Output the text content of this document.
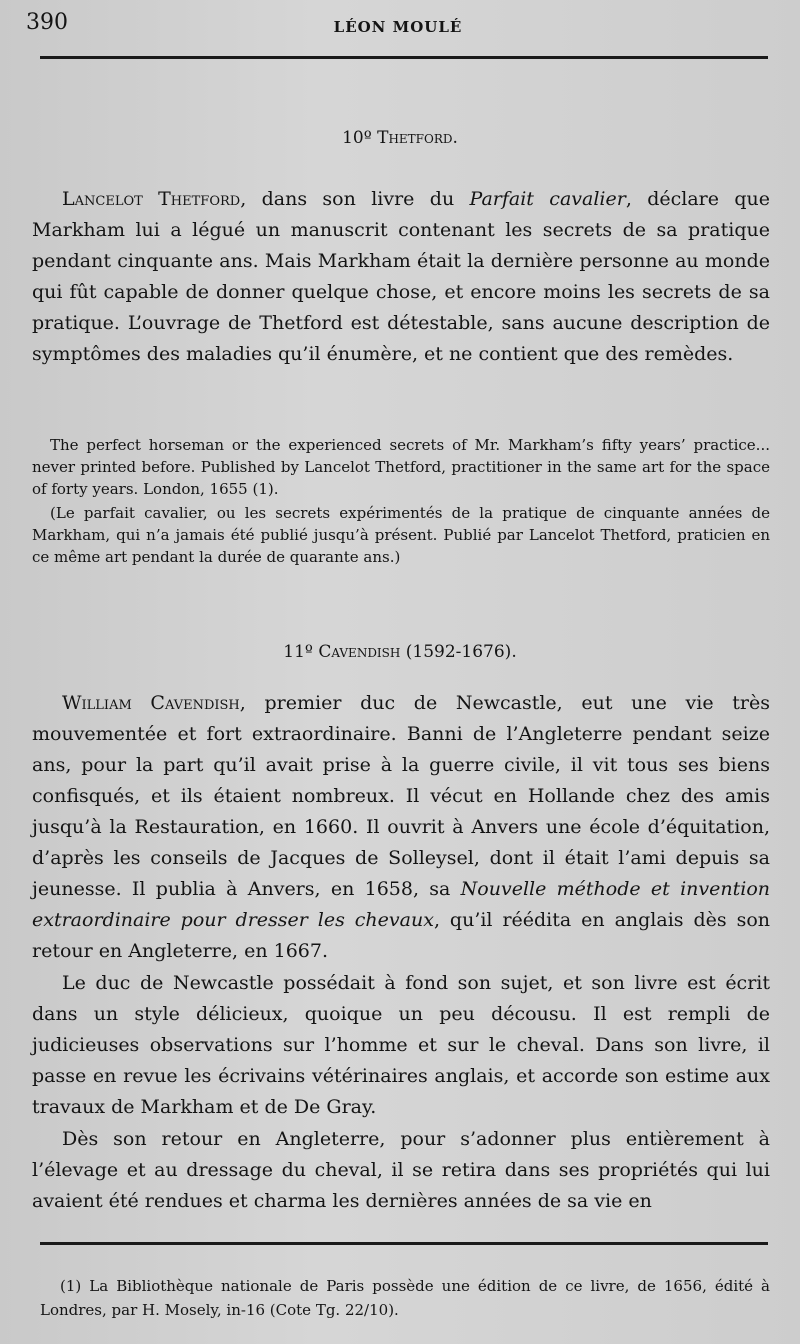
390	LÉON MOULÉ
10º Thetford.
Lancelot Thetford, dans son livre du Parfait cavalier, déclare que Markham lui a légué un manuscrit contenant les secrets de sa pratique pendant cinquante ans. Mais Markham était la dernière personne au monde qui fût capable de donner quelque chose, et encore moins les secrets de sa pratique. L’ouvrage de Thetford est détestable, sans aucune description de symptômes des maladies qu’il énumère, et ne contient que des remèdes.
The perfect horseman or the experienced secrets of Mr. Markham’s fifty years’ practice... never printed before. Published by Lancelot Thetford, practitioner in the same art for the space of forty years. London, 1655 (1).
(Le parfait cavalier, ou les secrets expérimentés de la pratique de cinquante années de Markham, qui n’a jamais été publié jusqu’à présent. Publié par Lancelot Thetford, praticien en ce même art pendant la durée de quarante ans.)
11º Cavendish (1592-1676).
William Cavendish, premier duc de Newcastle, eut une vie très mouvementée et fort extraordinaire. Banni de l’Angleterre pendant seize ans, pour la part qu’il avait prise à la guerre civile, il vit tous ses biens confisqués, et ils étaient nombreux. Il vécut en Hollande chez des amis jusqu’à la Restauration, en 1660. Il ouvrit à Anvers une école d’équitation, d’après les conseils de Jacques de Solleysel, dont il était l’ami depuis sa jeunesse. Il publia à Anvers, en 1658, sa Nouvelle méthode et invention extraordinaire pour dresser les chevaux, qu’il réédita en anglais dès son retour en Angleterre, en 1667.
Le duc de Newcastle possédait à fond son sujet, et son livre est écrit dans un style délicieux, quoique un peu décousu. Il est rempli de judicieuses observations sur l’homme et sur le cheval. Dans son livre, il passe en revue les écrivains vétérinaires anglais, et accorde son estime aux travaux de Markham et de De Gray.
Dès son retour en Angleterre, pour s’adonner plus entièrement à l’élevage et au dressage du cheval, il se retira dans ses propriétés qui lui avaient été rendues et charma les dernières années de sa vie en
(1) La Bibliothèque nationale de Paris possède une édition de ce livre, de 1656, édité à Londres, par H. Mosely, in-16 (Cote Tg. 22/10).
